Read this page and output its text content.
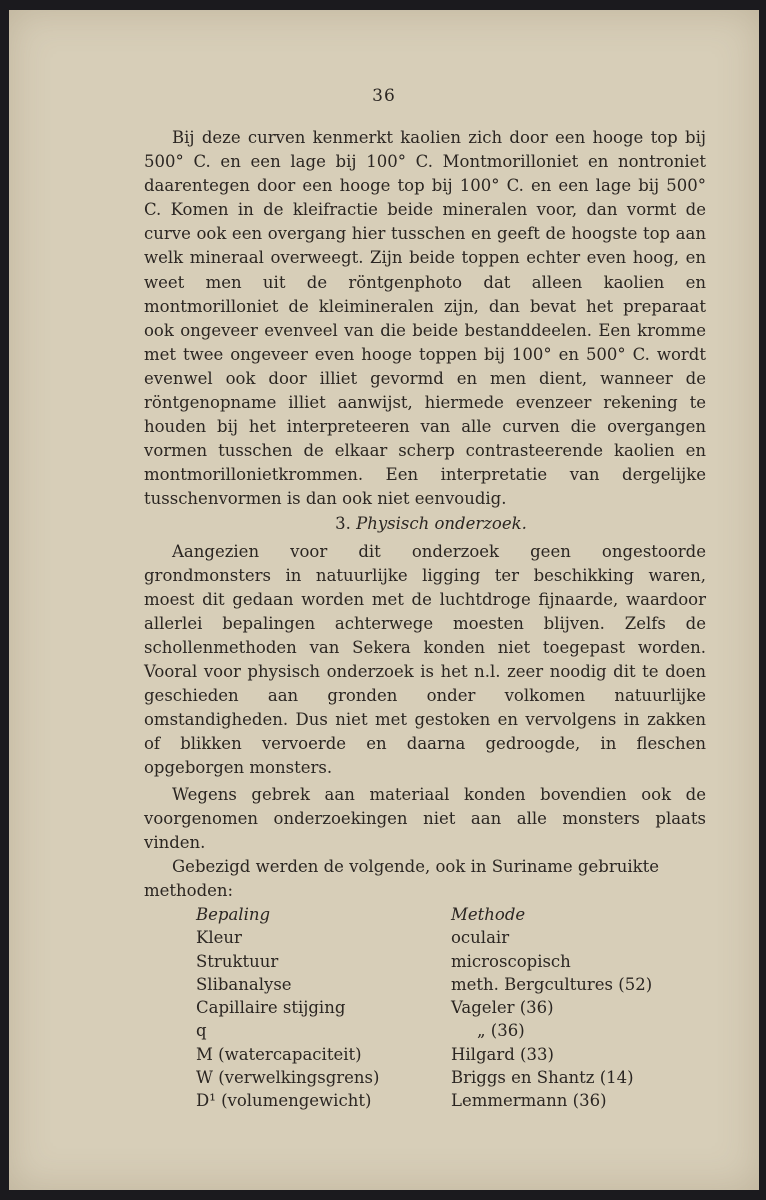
36

Bij deze curven kenmerkt kaolien zich door een hooge top bij 500° C. en een lage bij 100° C. Montmorilloniet en nontroniet daarentegen door een hooge top bij 100° C. en een lage bij 500° C. Komen in de kleifractie beide mineralen voor, dan vormt de curve ook een overgang hier tusschen en geeft de hoogste top aan welk mineraal overweegt. Zijn beide toppen echter even hoog, en weet men uit de röntgenphoto dat alleen kaolien en montmorilloniet de kleimineralen zijn, dan bevat het preparaat ook ongeveer evenveel van die beide bestanddeelen. Een kromme met twee ongeveer even hooge toppen bij 100° en 500° C. wordt evenwel ook door illiet gevormd en men dient, wanneer de röntgenopname illiet aanwijst, hiermede evenzeer rekening te houden bij het interpreteeren van alle curven die overgangen vormen tusschen de elkaar scherp contrasteerende kaolien en montmorillonietkrommen. Een interpretatie van dergelijke tusschenvormen is dan ook niet eenvoudig.

3. Physisch onderzoek.

Aangezien voor dit onderzoek geen ongestoorde grondmonsters in natuurlijke ligging ter beschikking waren, moest dit gedaan worden met de luchtdroge fijnaarde, waardoor allerlei bepalingen achterwege moesten blijven. Zelfs de schollenmethoden van Sekera konden niet toegepast worden. Vooral voor physisch onderzoek is het n.l. zeer noodig dit te doen geschieden aan gronden onder volkomen natuurlijke omstandigheden. Dus niet met gestoken en vervolgens in zakken of blikken vervoerde en daarna gedroogde, in fleschen opgeborgen monsters.

Wegens gebrek aan materiaal konden bovendien ook de voorgenomen onderzoekingen niet aan alle monsters plaats vinden.

Gebezigd werden de volgende, ook in Suriname gebruikte methoden:

Bepaling	Methode
Kleur	oculair
Struktuur	microscopisch
Slibanalyse	meth. Bergcultures (52)
Capillaire stijging	Vageler (36)
q	„ (36)
M (watercapaciteit)	Hilgard (33)
W (verwelkingsgrens)	Briggs en Shantz (14)
D¹ (volumengewicht)	Lemmermann (36)
